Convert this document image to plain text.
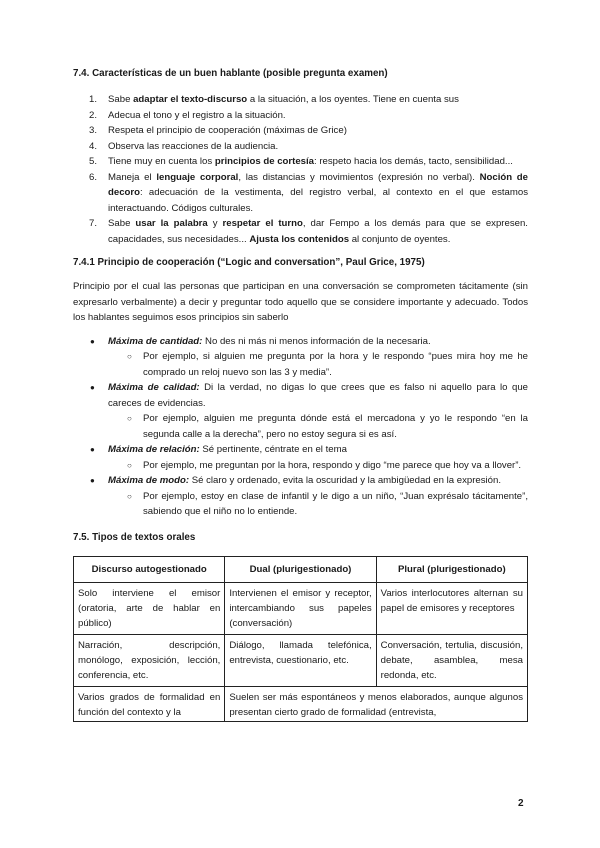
7.4. Características de un buen hablante (posible pregunta examen)
1. Sabe adaptar el texto-discurso a la situación, a los oyentes. Tiene en cuenta sus
2. Adecua el tono y el registro a la situación.
3. Respeta el principio de cooperación (máximas de Grice)
4. Observa las reacciones de la audiencia.
5. Tiene muy en cuenta los principios de cortesía: respeto hacia los demás, tacto, sensibilidad...
6. Maneja el lenguaje corporal, las distancias y movimientos (expresión no verbal). Noción de decoro: adecuación de la vestimenta, del registro verbal, al contexto en el que estamos interactuando. Códigos culturales.
7. Sabe usar la palabra y respetar el turno, dar Fempo a los demás para que se expresen. capacidades, sus necesidades... Ajusta los contenidos al conjunto de oyentes.
7.4.1 Principio de cooperación (“Logic and conversation”, Paul Grice, 1975)

Principio por el cual las personas que participan en una conversación se comprometen tácitamente (sin expresarlo verbalmente) a decir y preguntar todo aquello que se considere importante y adecuado. Todos los hablantes seguimos esos principios sin saberlo

● Máxima de cantidad: No des ni más ni menos información de la necesaria.
○ Por ejemplo, si alguien me pregunta por la hora y le respondo “pues mira hoy me he comprado un reloj nuevo son las 3 y media”.
● Máxima de calidad: Di la verdad, no digas lo que crees que es falso ni aquello para lo que careces de evidencias.
○ Por ejemplo, alguien me pregunta dónde está el mercadona y yo le respondo “en la segunda calle a la derecha”, pero no estoy segura si es así.
● Máxima de relación: Sé pertinente, céntrate en el tema
○ Por ejemplo, me preguntan por la hora, respondo y digo “me parece que hoy va a llover”.
● Máxima de modo: Sé claro y ordenado, evita la oscuridad y la ambigüedad en la expresión.
○ Por ejemplo, estoy en clase de infantil y le digo a un niño, “Juan exprésalo tácitamente”, sabiendo que el niño no lo entiende.
7.5. Tipos de textos orales
Discurso autogestionado	Dual (plurigestionado)	Plural (plurigestionado)
Solo interviene el emisor (oratoria, arte de hablar en público)	Intervienen el emisor y receptor, intercambiando sus papeles (conversación)	Varios interlocutores alternan su papel de emisores y receptores
Narración, descripción, monólogo, exposición, lección, conferencia, etc.	Diálogo, llamada telefónica, entrevista, cuestionario, etc.	Conversación, tertulia, discusión, debate, asamblea, mesa redonda, etc.

Varios grados de formalidad en función del contexto y la	Suelen ser más espontáneos y menos elaborados, aunque algunos presentan cierto grado de formalidad (entrevista,	
2
